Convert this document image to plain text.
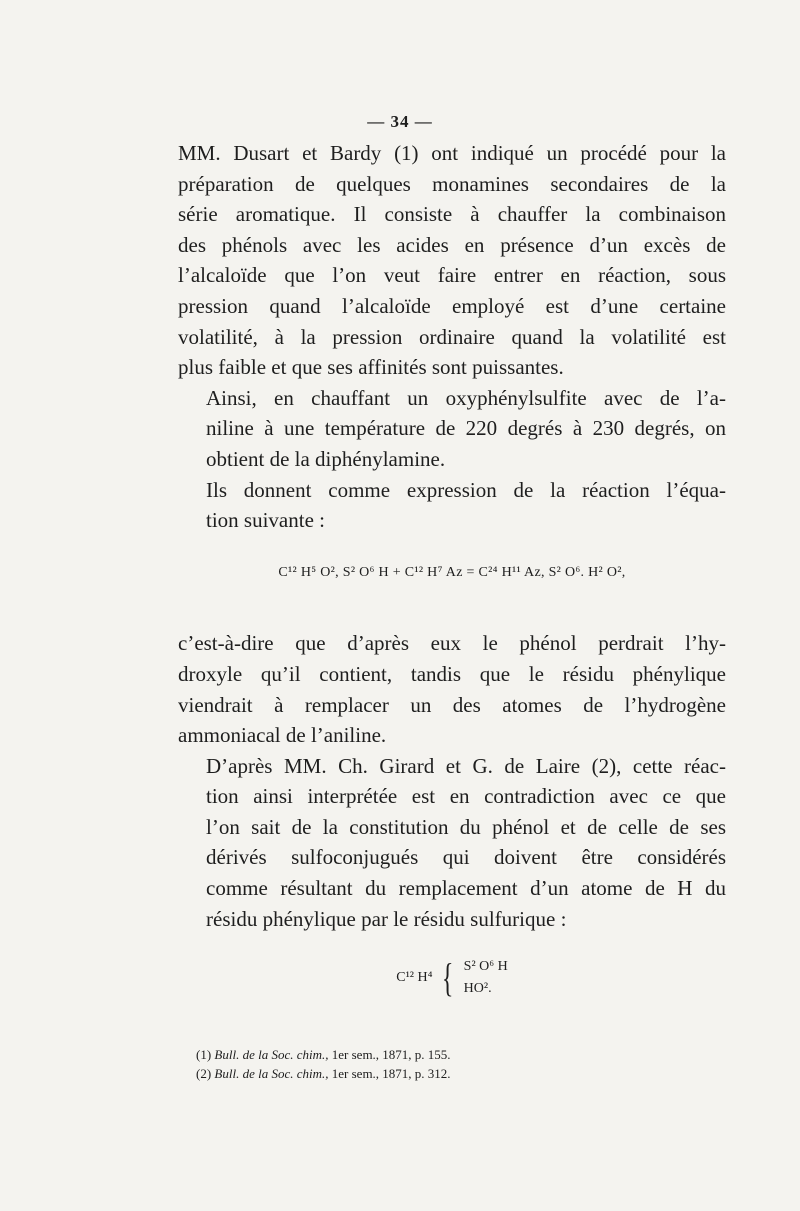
— 34 —
MM. Dusart et Bardy (1) ont indiqué un procédé pour la
préparation de quelques monamines secondaires de la
série aromatique. Il consiste à chauffer la combinaison
des phénols avec les acides en présence d’un excès de
l’alcaloïde que l’on veut faire entrer en réaction, sous
pression quand l’alcaloïde employé est d’une certaine
volatilité, à la pression ordinaire quand la volatilité est
plus faible et que ses affinités sont puissantes.
Ainsi, en chauffant un oxyphénylsulfite avec de l’a-
niline à une température de 220 degrés à 230 degrés, on
obtient de la diphénylamine.
Ils donnent comme expression de la réaction l’équa-
tion suivante :
C¹² H⁵ O², S² O⁶ H + C¹² H⁷ Az = C²⁴ H¹¹ Az, S² O⁶. H² O²,
c’est-à-dire que d’après eux le phénol perdrait l’hy-
droxyle qu’il contient, tandis que le résidu phénylique
viendrait à remplacer un des atomes de l’hydrogène
ammoniacal de l’aniline.
D’après MM. Ch. Girard et G. de Laire (2), cette réac-
tion ainsi interprétée est en contradiction avec ce que
l’on sait de la constitution du phénol et de celle de ses
dérivés sulfoconjugués qui doivent être considérés
comme résultant du remplacement d’un atome de H du
résidu phénylique par le résidu sulfurique :
C¹² H⁴ { S² O⁶ H
HO².
(1) Bull. de la Soc. chim., 1er sem., 1871, p. 155.
(2) Bull. de la Soc. chim., 1er sem., 1871, p. 312.
